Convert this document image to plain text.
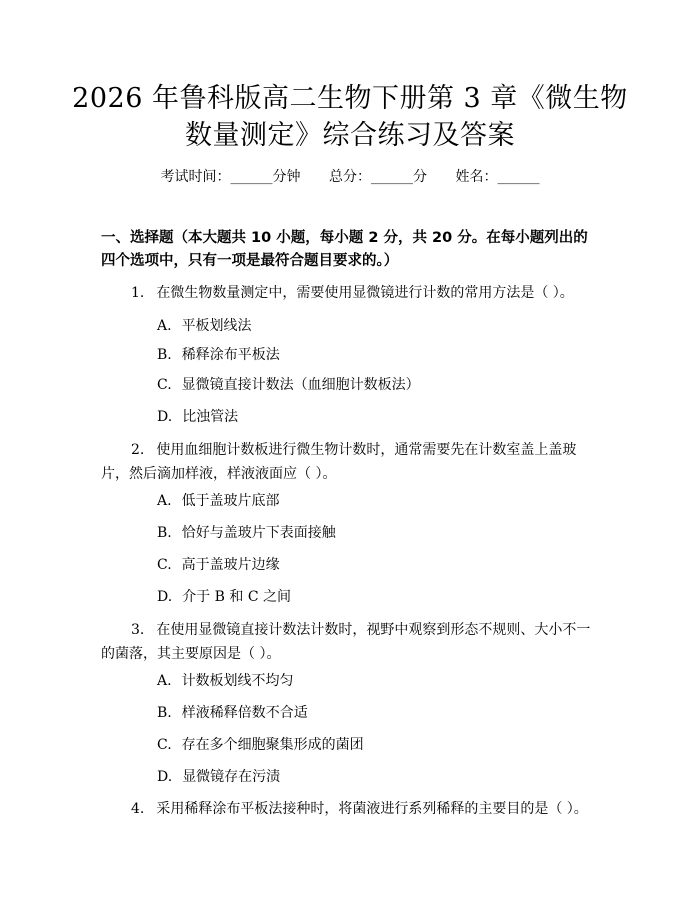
2026 年鲁科版高二生物下册第 3 章《微生物
数量测定》综合练习及答案
考试时间：______分钟 总分：______分 姓名：______
一、选择题（本大题共 10 小题，每小题 2 分，共 20 分。在每小题列出的四个选项中，只有一项是最符合题目要求的。）
1. 在微生物数量测定中，需要使用显微镜进行计数的常用方法是（ ）。
A. 平板划线法
B. 稀释涂布平板法
C. 显微镜直接计数法（血细胞计数板法）
D. 比浊管法
2. 使用血细胞计数板进行微生物计数时，通常需要先在计数室盖上盖玻片，然后滴加样液，样液液面应（ ）。
A. 低于盖玻片底部
B. 恰好与盖玻片下表面接触
C. 高于盖玻片边缘
D. 介于 B 和 C 之间
3. 在使用显微镜直接计数法计数时，视野中观察到形态不规则、大小不一的菌落，其主要原因是（ ）。
A. 计数板划线不均匀
B. 样液稀释倍数不合适
C. 存在多个细胞聚集形成的菌团
D. 显微镜存在污渍
4. 采用稀释涂布平板法接种时，将菌液进行系列稀释的主要目的是（ ）。
